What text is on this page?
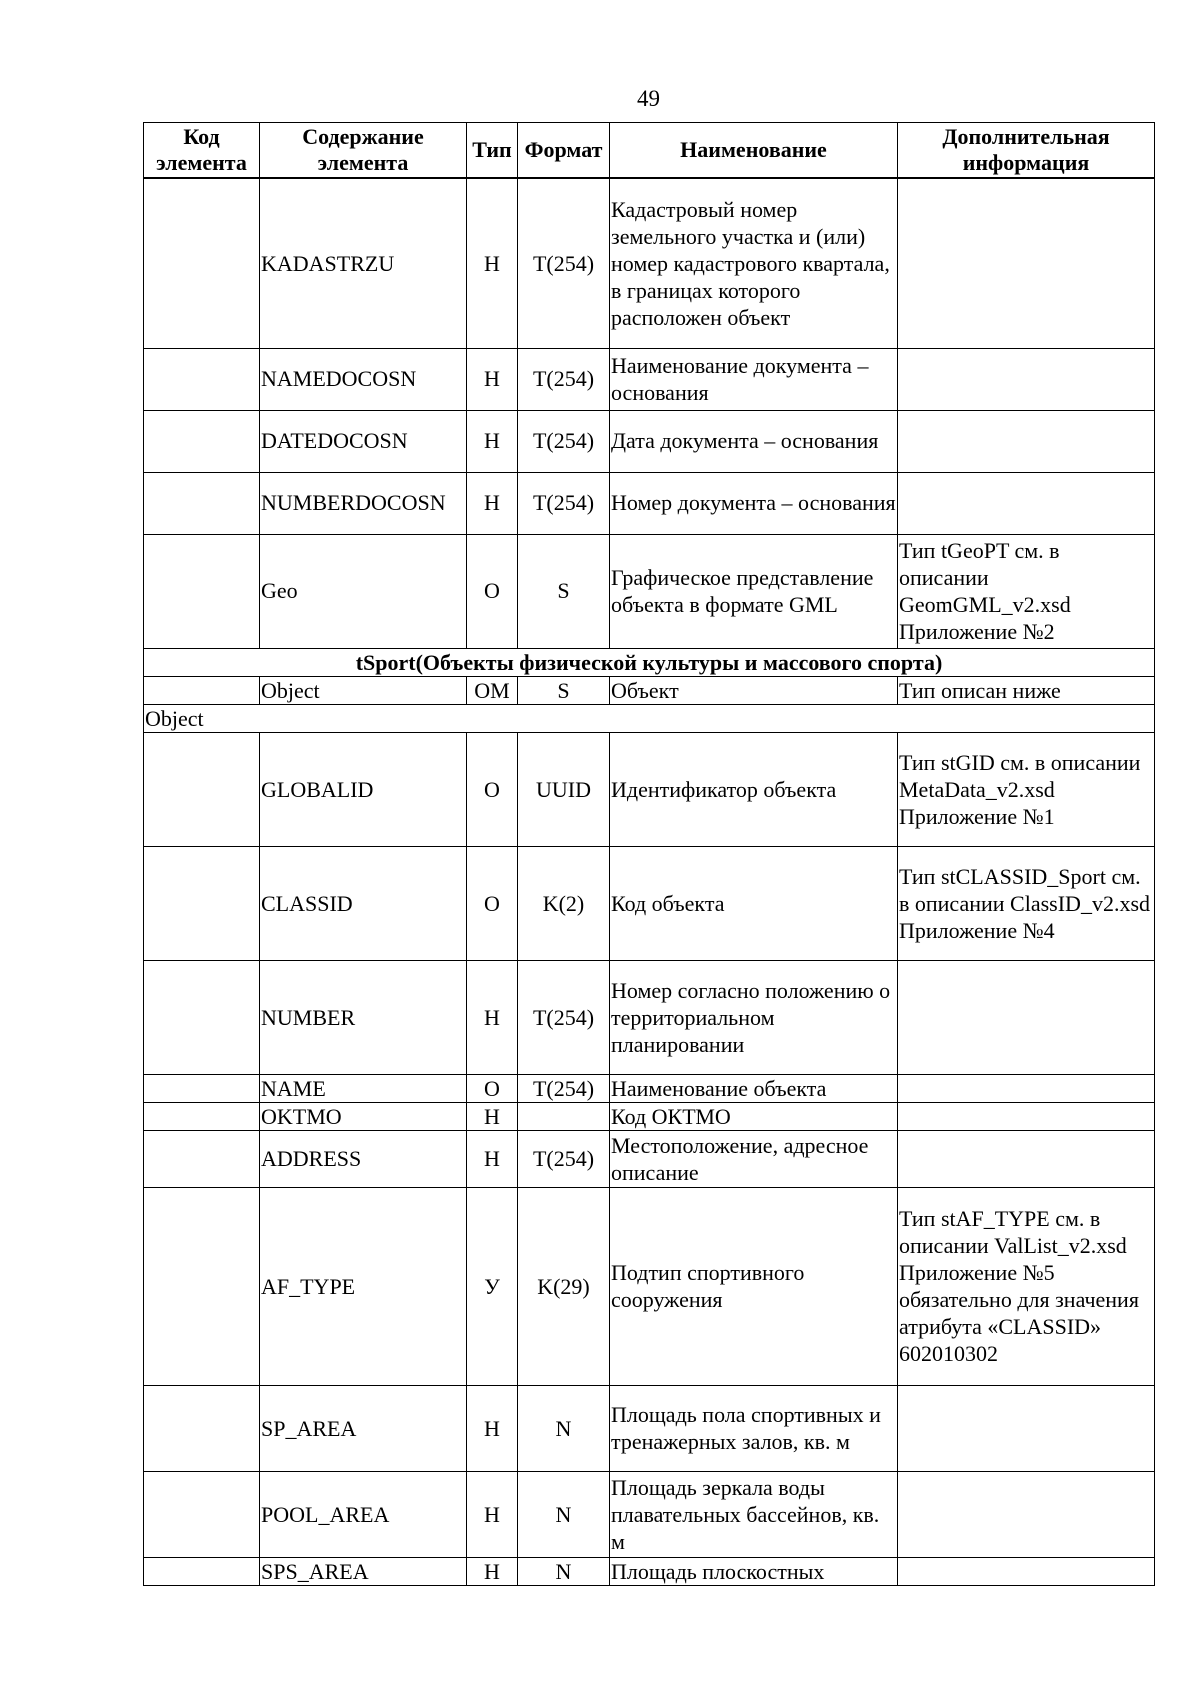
49
Код элемента	Содержание элемента	Тип	Формат	Наименование	Дополнительная информация
	KADASTRZU	Н	T(254)	Кадастровый номер земельного участка и (или) номер кадастрового квартала, в границах которого расположен объект	
	NAMEDOCOSN	Н	T(254)	Наименование документа – основания	
	DATEDOCOSN	Н	T(254)	Дата документа – основания	
	NUMBERDOCOSN	Н	T(254)	Номер документа – основания	
	Geo	О	S	Графическое представление объекта в формате GML	Тип tGeoPT см. в описании GeomGML_v2.xsd Приложение №2
tSport(Объекты физической культуры и массового спорта)					
	Object	ОМ	S	Объект	Тип описан ниже
Object					
	GLOBALID	О	UUID	Идентификатор объекта	Тип stGID см. в описании MetaData_v2.xsd Приложение №1
	CLASSID	О	K(2)	Код объекта	Тип stCLASSID_Sport см. в описании ClassID_v2.xsd Приложение №4
	NUMBER	Н	T(254)	Номер согласно положению о территориальном планировании	
	NAME	О	T(254)	Наименование объекта	
	OKTMO	Н		Код ОКТМО	
	ADDRESS	Н	T(254)	Местоположение, адресное описание	
	AF_TYPE	У	K(29)	Подтип спортивного сооружения	Тип stAF_TYPE см. в описании ValList_v2.xsd Приложение №5 обязательно для значения атрибута «CLASSID» 602010302
	SP_AREA	Н	N	Площадь пола спортивных и тренажерных залов, кв. м	
	POOL_AREA	Н	N	Площадь зеркала воды плавательных бассейнов, кв. м	
	SPS_AREA	Н	N	Площадь плоскостных	
